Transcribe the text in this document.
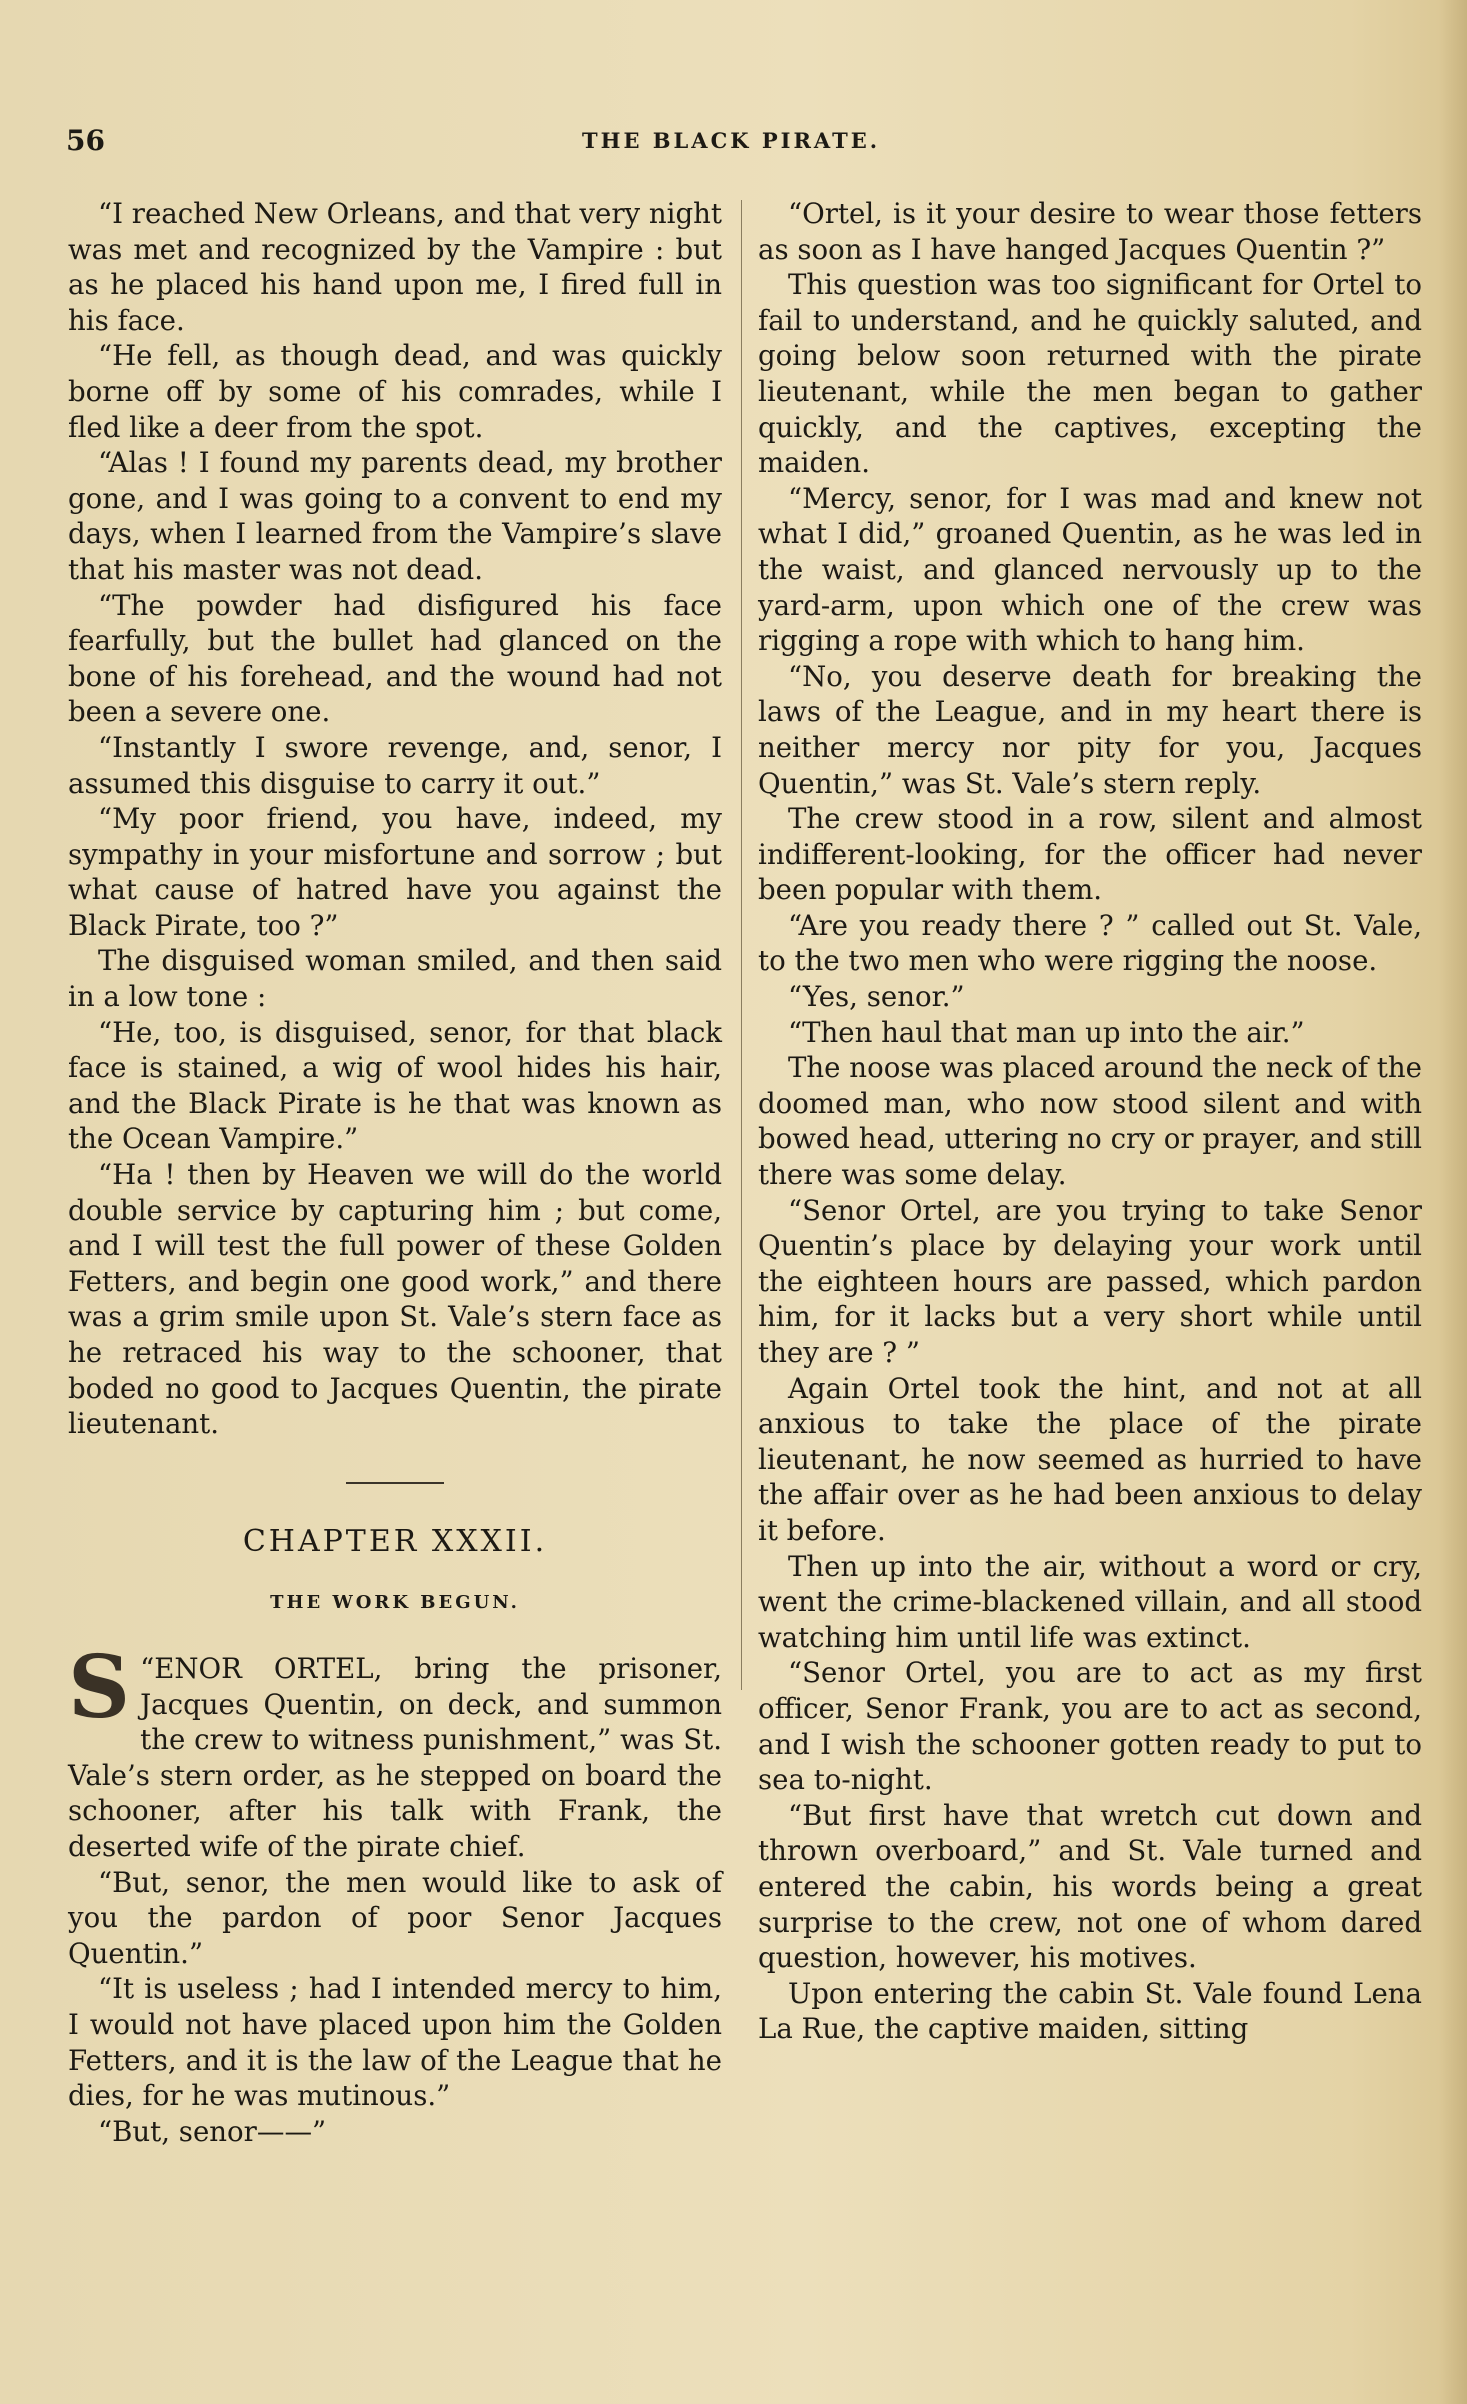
56	THE BLACK PIRATE.

“I reached New Orleans, and that very night was met and recognized by the Vampire : but as he placed his hand upon me, I fired full in his face.

“He fell, as though dead, and was quickly borne off by some of his comrades, while I fled like a deer from the spot.

“Alas ! I found my parents dead, my brother gone, and I was going to a convent to end my days, when I learned from the Vampire’s slave that his master was not dead.

“The powder had disfigured his face fearfully, but the bullet had glanced on the bone of his forehead, and the wound had not been a severe one.

“Instantly I swore revenge, and, senor, I assumed this disguise to carry it out.”

“My poor friend, you have, indeed, my sympathy in your misfortune and sorrow ; but what cause of hatred have you against the Black Pirate, too ?”

The disguised woman smiled, and then said in a low tone :

“He, too, is disguised, senor, for that black face is stained, a wig of wool hides his hair, and the Black Pirate is he that was known as the Ocean Vampire.”

“Ha ! then by Heaven we will do the world double service by capturing him ; but come, and I will test the full power of these Golden Fetters, and begin one good work,” and there was a grim smile upon St. Vale’s stern face as he retraced his way to the schooner, that boded no good to Jacques Quentin, the pirate lieutenant.

CHAPTER XXXII.
THE WORK BEGUN.

“
S ENOR ORTEL, bring the prisoner, Jacques Quentin, on deck, and summon the crew to witness punishment,” was St. Vale’s stern order, as he stepped on board the schooner, after his talk with Frank, the deserted wife of the pirate chief.

“But, senor, the men would like to ask of you the pardon of poor Senor Jacques Quentin.”

“It is useless ; had I intended mercy to him, I would not have placed upon him the Golden Fetters, and it is the law of the League that he dies, for he was mutinous.”

“But, senor——”

“Ortel, is it your desire to wear those fetters as soon as I have hanged Jacques Quentin ?”

This question was too significant for Ortel to fail to understand, and he quickly saluted, and going below soon returned with the pirate lieutenant, while the men began to gather quickly, and the captives, excepting the maiden.

“Mercy, senor, for I was mad and knew not what I did,” groaned Quentin, as he was led in the waist, and glanced nervously up to the yard-arm, upon which one of the crew was rigging a rope with which to hang him.

“No, you deserve death for breaking the laws of the League, and in my heart there is neither mercy nor pity for you, Jacques Quentin,” was St. Vale’s stern reply.

The crew stood in a row, silent and almost indifferent-looking, for the officer had never been popular with them.

“Are you ready there ? ” called out St. Vale, to the two men who were rigging the noose.

“Yes, senor.”

“Then haul that man up into the air.”

The noose was placed around the neck of the doomed man, who now stood silent and with bowed head, uttering no cry or prayer, and still there was some delay.

“Senor Ortel, are you trying to take Senor Quentin’s place by delaying your work until the eighteen hours are passed, which pardon him, for it lacks but a very short while until they are ? ”

Again Ortel took the hint, and not at all anxious to take the place of the pirate lieutenant, he now seemed as hurried to have the affair over as he had been anxious to delay it before.

Then up into the air, without a word or cry, went the crime-blackened villain, and all stood watching him until life was extinct.

“Senor Ortel, you are to act as my first officer, Senor Frank, you are to act as second, and I wish the schooner gotten ready to put to sea to-night.

“But first have that wretch cut down and thrown overboard,” and St. Vale turned and entered the cabin, his words being a great surprise to the crew, not one of whom dared question, however, his motives.

Upon entering the cabin St. Vale found Lena La Rue, the captive maiden, sitting
